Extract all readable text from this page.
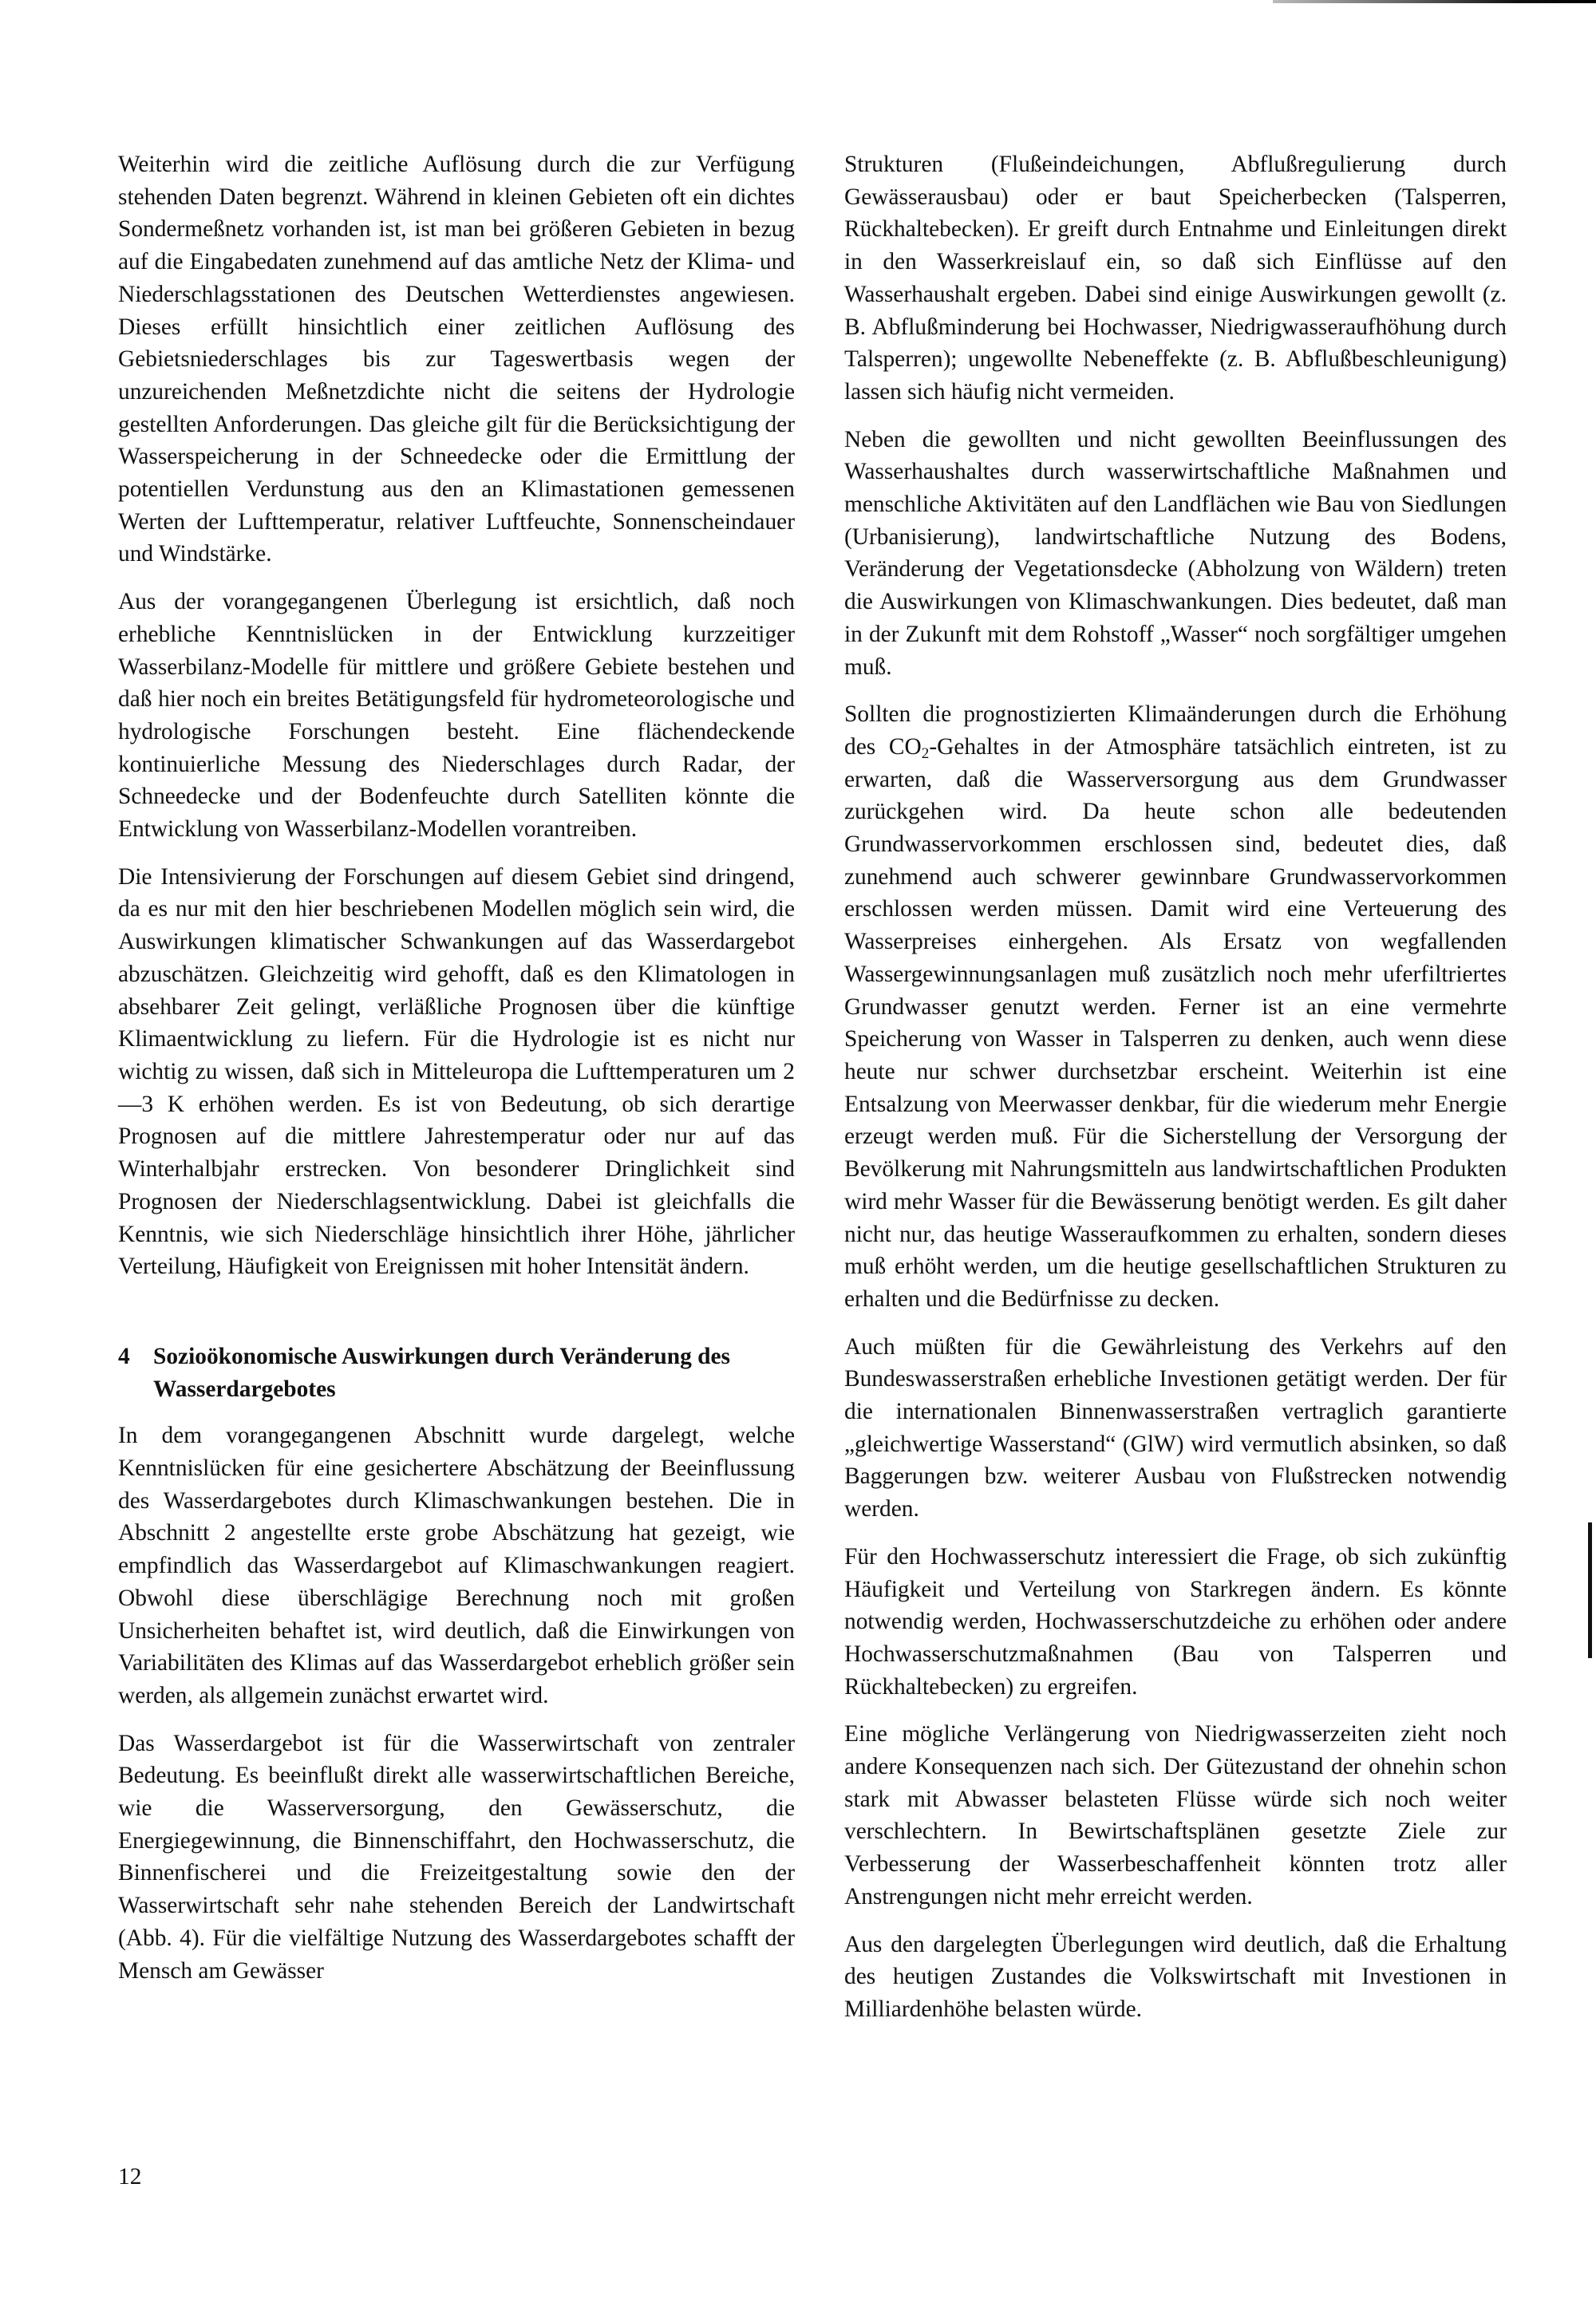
Weiterhin wird die zeitliche Auflösung durch die zur Verfügung stehenden Daten begrenzt. Während in kleinen Gebieten oft ein dichtes Sondermeßnetz vorhanden ist, ist man bei größeren Gebieten in bezug auf die Eingabedaten zunehmend auf das amtliche Netz der Klima- und Niederschlagsstationen des Deutschen Wetterdienstes angewiesen. Dieses erfüllt hinsichtlich einer zeitlichen Auflösung des Gebietsniederschlages bis zur Tageswertbasis wegen der unzureichenden Meßnetzdichte nicht die seitens der Hydrologie gestellten Anforderungen. Das gleiche gilt für die Berücksichtigung der Wasserspeicherung in der Schneedecke oder die Ermittlung der potentiellen Verdunstung aus den an Klimastationen gemessenen Werten der Lufttemperatur, relativer Luftfeuchte, Sonnenscheindauer und Windstärke.

Aus der vorangegangenen Überlegung ist ersichtlich, daß noch erhebliche Kenntnislücken in der Entwicklung kurzzeitiger Wasserbilanz-Modelle für mittlere und größere Gebiete bestehen und daß hier noch ein breites Betätigungsfeld für hydrometeorologische und hydrologische Forschungen besteht. Eine flächendeckende kontinuierliche Messung des Niederschlages durch Radar, der Schneedecke und der Bodenfeuchte durch Satelliten könnte die Entwicklung von Wasserbilanz-Modellen vorantreiben.

Die Intensivierung der Forschungen auf diesem Gebiet sind dringend, da es nur mit den hier beschriebenen Modellen möglich sein wird, die Auswirkungen klimatischer Schwankungen auf das Wasserdargebot abzuschätzen. Gleichzeitig wird gehofft, daß es den Klimatologen in absehbarer Zeit gelingt, verläßliche Prognosen über die künftige Klimaentwicklung zu liefern. Für die Hydrologie ist es nicht nur wichtig zu wissen, daß sich in Mitteleuropa die Lufttemperaturen um 2—3 K erhöhen werden. Es ist von Bedeutung, ob sich derartige Prognosen auf die mittlere Jahrestemperatur oder nur auf das Winterhalbjahr erstrecken. Von besonderer Dringlichkeit sind Prognosen der Niederschlagsentwicklung. Dabei ist gleichfalls die Kenntnis, wie sich Niederschläge hinsichtlich ihrer Höhe, jährlicher Verteilung, Häufigkeit von Ereignissen mit hoher Intensität ändern.

4 Sozioökonomische Auswirkungen durch Veränderung des Wasserdargebotes

In dem vorangegangenen Abschnitt wurde dargelegt, welche Kenntnislücken für eine gesichertere Abschätzung der Beeinflussung des Wasserdargebotes durch Klimaschwankungen bestehen. Die in Abschnitt 2 angestellte erste grobe Abschätzung hat gezeigt, wie empfindlich das Wasserdargebot auf Klimaschwankungen reagiert. Obwohl diese überschlägige Berechnung noch mit großen Unsicherheiten behaftet ist, wird deutlich, daß die Einwirkungen von Variabilitäten des Klimas auf das Wasserdargebot erheblich größer sein werden, als allgemein zunächst erwartet wird.

Das Wasserdargebot ist für die Wasserwirtschaft von zentraler Bedeutung. Es beeinflußt direkt alle wasserwirtschaftlichen Bereiche, wie die Wasserversorgung, den Gewässerschutz, die Energiegewinnung, die Binnenschiffahrt, den Hochwasserschutz, die Binnenfischerei und die Freizeitgestaltung sowie den der Wasserwirtschaft sehr nahe stehenden Bereich der Landwirtschaft (Abb. 4). Für die vielfältige Nutzung des Wasserdargebotes schafft der Mensch am Gewässer

Strukturen (Flußeindeichungen, Abflußregulierung durch Gewässerausbau) oder er baut Speicherbecken (Talsperren, Rückhaltebecken). Er greift durch Entnahme und Einleitungen direkt in den Wasserkreislauf ein, so daß sich Einflüsse auf den Wasserhaushalt ergeben. Dabei sind einige Auswirkungen gewollt (z. B. Abflußminderung bei Hochwasser, Niedrigwasseraufhöhung durch Talsperren); ungewollte Nebeneffekte (z. B. Abflußbeschleunigung) lassen sich häufig nicht vermeiden.

Neben die gewollten und nicht gewollten Beeinflussungen des Wasserhaushaltes durch wasserwirtschaftliche Maßnahmen und menschliche Aktivitäten auf den Landflächen wie Bau von Siedlungen (Urbanisierung), landwirtschaftliche Nutzung des Bodens, Veränderung der Vegetationsdecke (Abholzung von Wäldern) treten die Auswirkungen von Klimaschwankungen. Dies bedeutet, daß man in der Zukunft mit dem Rohstoff „Wasser“ noch sorgfältiger umgehen muß.

Sollten die prognostizierten Klimaänderungen durch die Erhöhung des $CO_2$-Gehaltes in der Atmosphäre tatsächlich eintreten, ist zu erwarten, daß die Wasserversorgung aus dem Grundwasser zurückgehen wird. Da heute schon alle bedeutenden Grundwasservorkommen erschlossen sind, bedeutet dies, daß zunehmend auch schwerer gewinnbare Grundwasservorkommen erschlossen werden müssen. Damit wird eine Verteuerung des Wasserpreises einhergehen. Als Ersatz von wegfallenden Wassergewinnungsanlagen muß zusätzlich noch mehr uferfiltriertes Grundwasser genutzt werden. Ferner ist an eine vermehrte Speicherung von Wasser in Talsperren zu denken, auch wenn diese heute nur schwer durchsetzbar erscheint. Weiterhin ist eine Entsalzung von Meerwasser denkbar, für die wiederum mehr Energie erzeugt werden muß. Für die Sicherstellung der Versorgung der Bevölkerung mit Nahrungsmitteln aus landwirtschaftlichen Produkten wird mehr Wasser für die Bewässerung benötigt werden. Es gilt daher nicht nur, das heutige Wasseraufkommen zu erhalten, sondern dieses muß erhöht werden, um die heutige gesellschaftlichen Strukturen zu erhalten und die Bedürfnisse zu decken.

Auch müßten für die Gewährleistung des Verkehrs auf den Bundeswasserstraßen erhebliche Investionen getätigt werden. Der für die internationalen Binnenwasserstraßen vertraglich garantierte „gleichwertige Wasserstand“ (GlW) wird vermutlich absinken, so daß Baggerungen bzw. weiterer Ausbau von Flußstrecken notwendig werden.

Für den Hochwasserschutz interessiert die Frage, ob sich zukünftig Häufigkeit und Verteilung von Starkregen ändern. Es könnte notwendig werden, Hochwasserschutzdeiche zu erhöhen oder andere Hochwasserschutzmaßnahmen (Bau von Talsperren und Rückhaltebecken) zu ergreifen.

Eine mögliche Verlängerung von Niedrigwasserzeiten zieht noch andere Konsequenzen nach sich. Der Gütezustand der ohnehin schon stark mit Abwasser belasteten Flüsse würde sich noch weiter verschlechtern. In Bewirtschaftsplänen gesetzte Ziele zur Verbesserung der Wasserbeschaffenheit könnten trotz aller Anstrengungen nicht mehr erreicht werden.

Aus den dargelegten Überlegungen wird deutlich, daß die Erhaltung des heutigen Zustandes die Volkswirtschaft mit Investionen in Milliardenhöhe belasten würde.

12
